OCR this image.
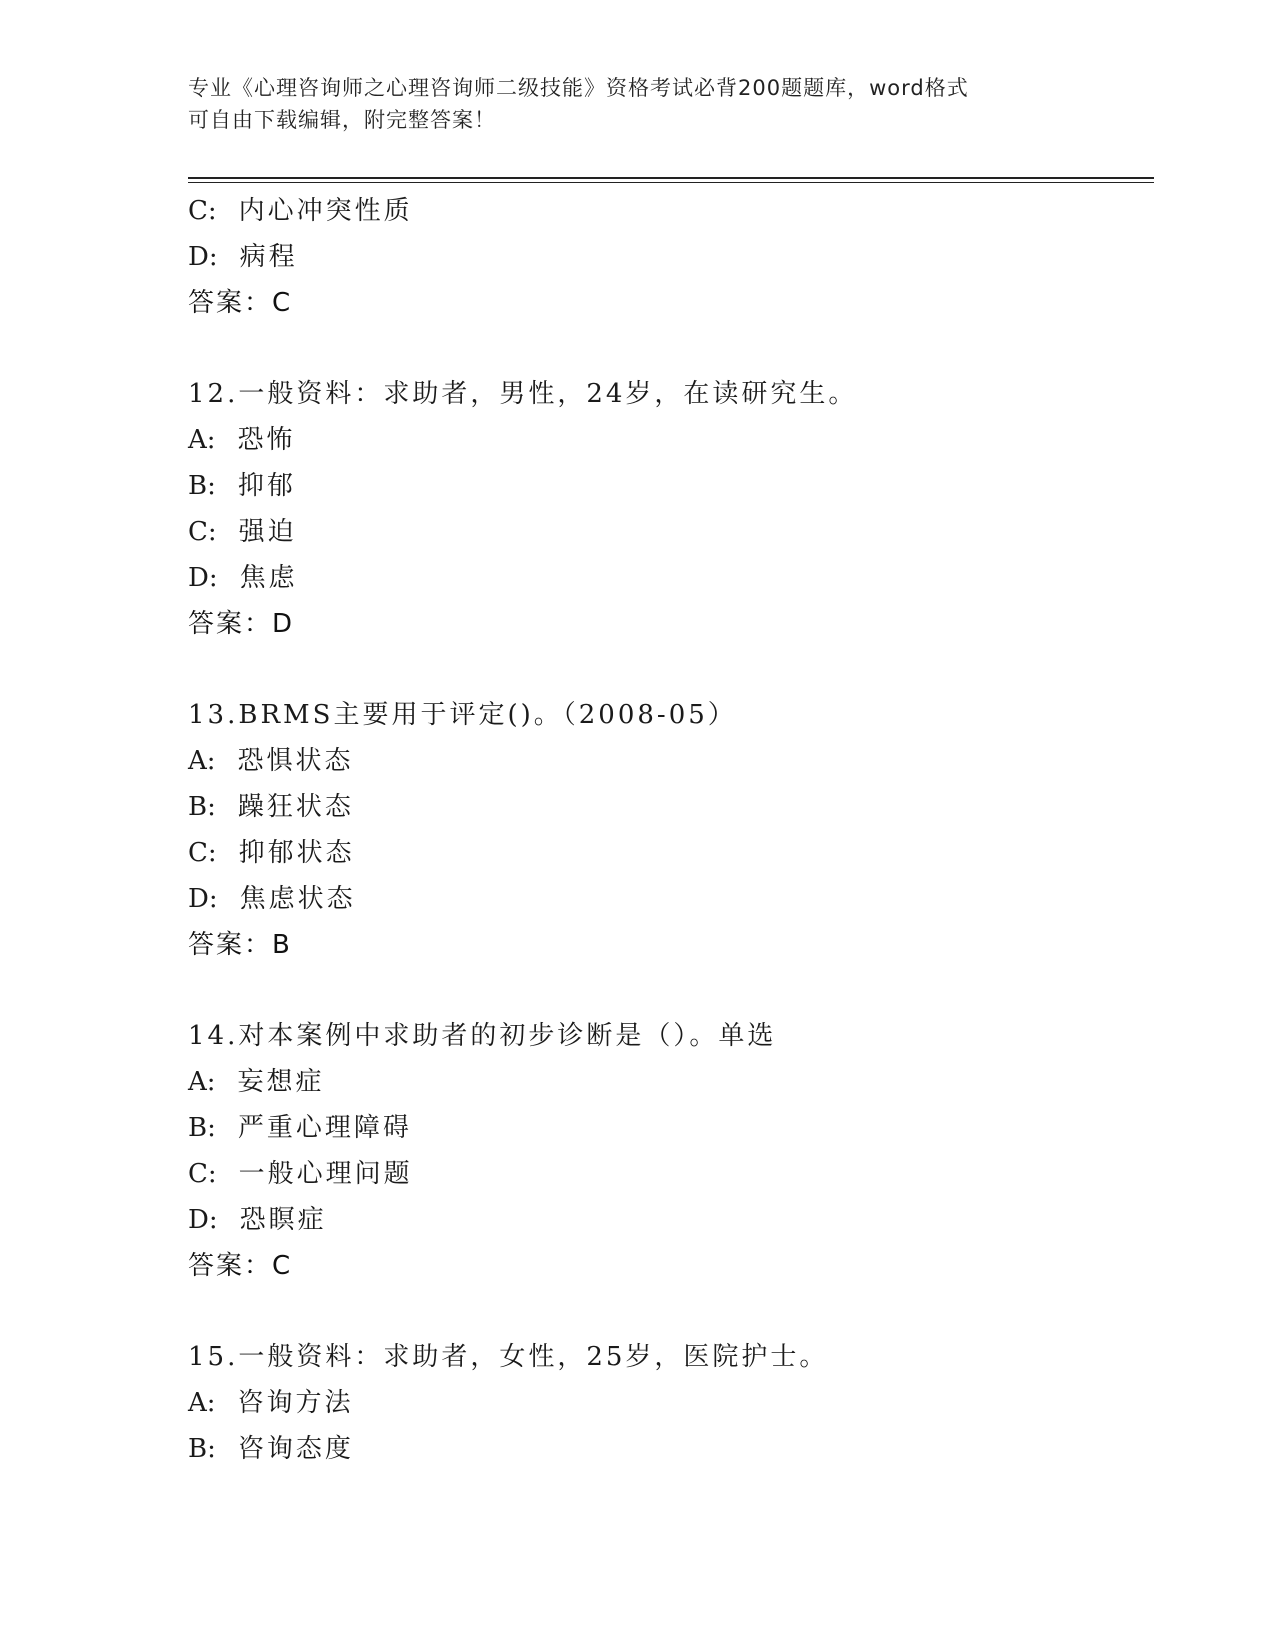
专业《心理咨询师之心理咨询师二级技能》资格考试必背200题题库，word格式
可自由下载编辑，附完整答案！
C: 内心冲突性质
D: 病程
答案：C
12.一般资料：求助者，男性，24岁，在读研究生。
A: 恐怖
B: 抑郁
C: 强迫
D: 焦虑
答案：D
13.BRMS主要用于评定()。（2008-05）
A: 恐惧状态
B: 躁狂状态
C: 抑郁状态
D: 焦虑状态
答案：B
14.对本案例中求助者的初步诊断是（）。单选
A: 妄想症
B: 严重心理障碍
C: 一般心理问题
D: 恐瞑症
答案：C
15.一般资料：求助者，女性，25岁，医院护士。
A: 咨询方法
B: 咨询态度
